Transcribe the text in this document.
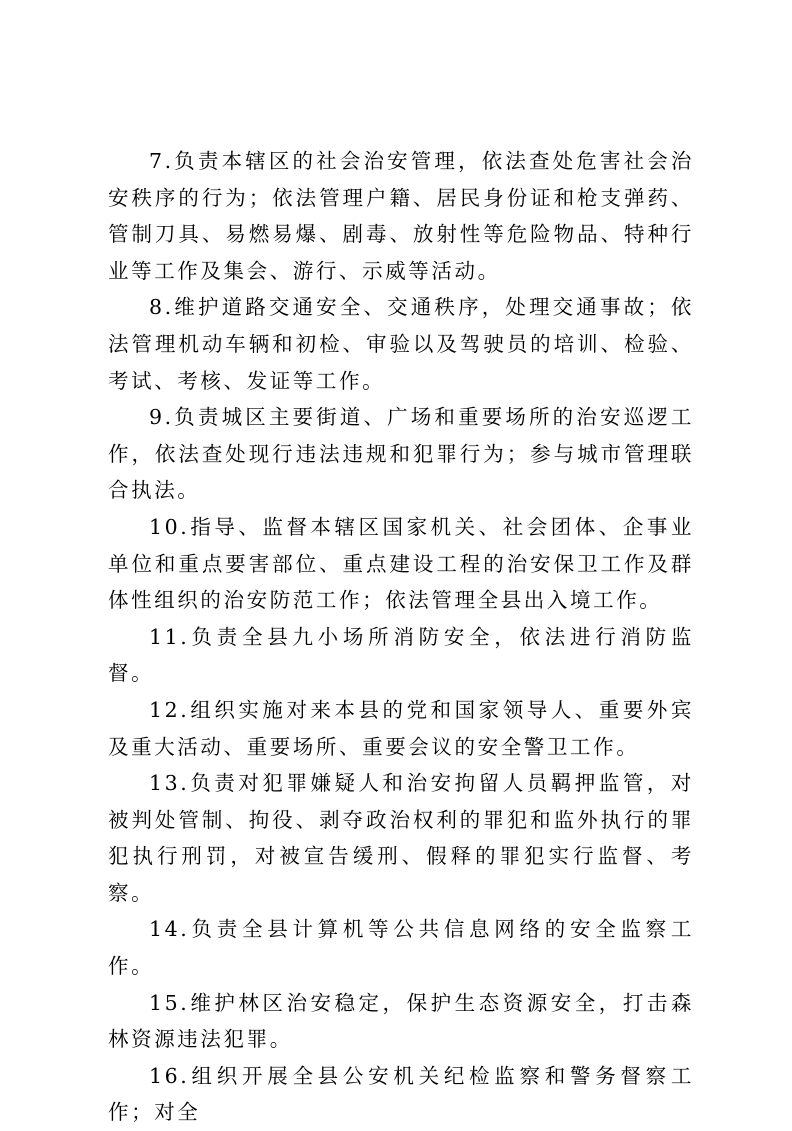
7.负责本辖区的社会治安管理，依法查处危害社会治安秩序的行为；依法管理户籍、居民身份证和枪支弹药、管制刀具、易燃易爆、剧毒、放射性等危险物品、特种行业等工作及集会、游行、示威等活动。

8.维护道路交通安全、交通秩序，处理交通事故；依法管理机动车辆和初检、审验以及驾驶员的培训、检验、考试、考核、发证等工作。

9.负责城区主要街道、广场和重要场所的治安巡逻工作，依法查处现行违法违规和犯罪行为；参与城市管理联合执法。

10.指导、监督本辖区国家机关、社会团体、企事业单位和重点要害部位、重点建设工程的治安保卫工作及群体性组织的治安防范工作；依法管理全县出入境工作。

11.负责全县九小场所消防安全，依法进行消防监督。

12.组织实施对来本县的党和国家领导人、重要外宾及重大活动、重要场所、重要会议的安全警卫工作。

13.负责对犯罪嫌疑人和治安拘留人员羁押监管，对被判处管制、拘役、剥夺政治权利的罪犯和监外执行的罪犯执行刑罚，对被宣告缓刑、假释的罪犯实行监督、考察。

14.负责全县计算机等公共信息网络的安全监察工作。

15.维护林区治安稳定，保护生态资源安全，打击森林资源违法犯罪。

16.组织开展全县公安机关纪检监察和警务督察工作；对全
